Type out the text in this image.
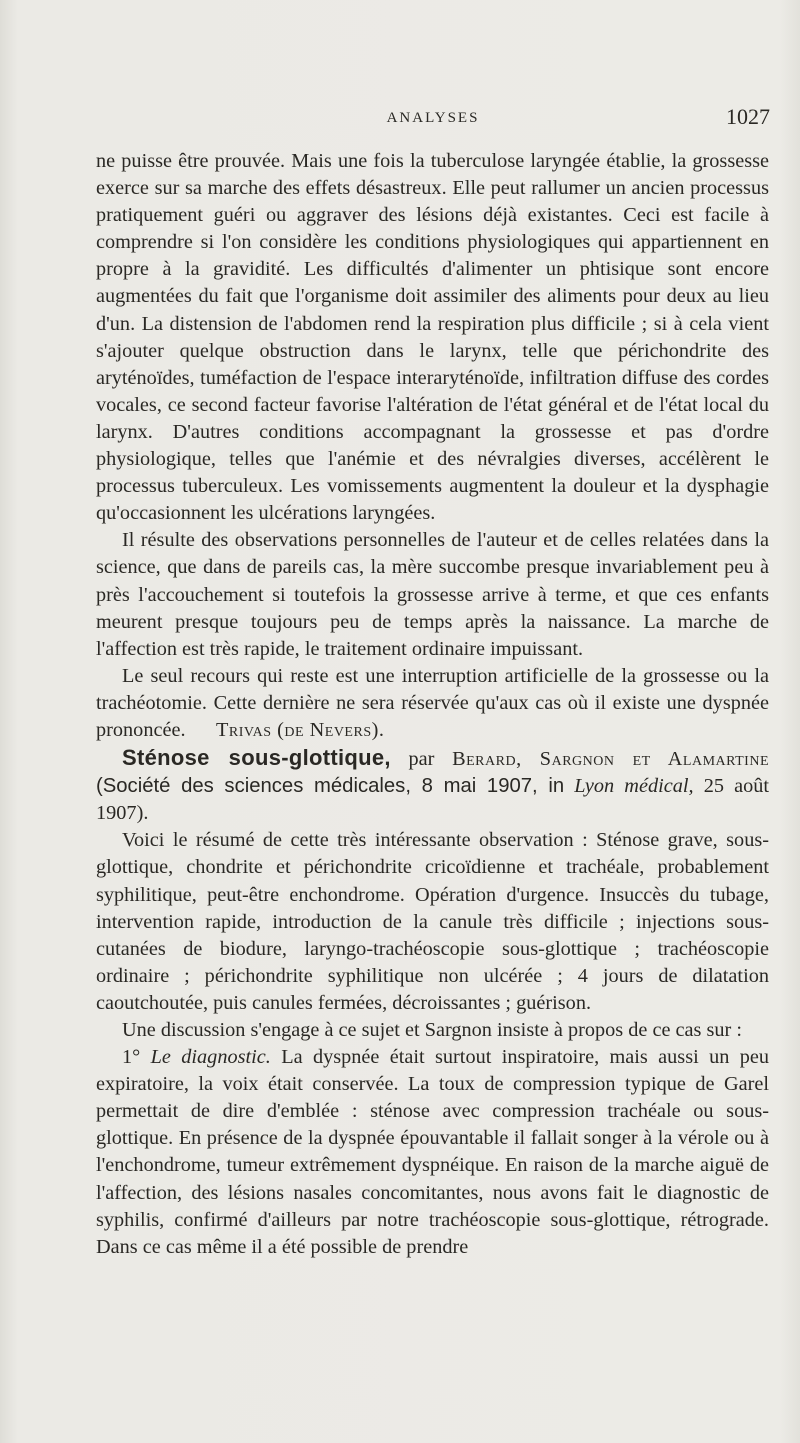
ANALYSES	1027

ne puisse être prouvée. Mais une fois la tuberculose laryngée établie, la grossesse exerce sur sa marche des effets désastreux. Elle peut rallumer un ancien processus pratiquement guéri ou aggraver des lésions déjà existantes. Ceci est facile à comprendre si l'on considère les conditions physiologiques qui appartiennent en propre à la gravidité. Les difficultés d'alimenter un phtisique sont encore augmentées du fait que l'organisme doit assimiler des aliments pour deux au lieu d'un. La distension de l'abdomen rend la respiration plus difficile ; si à cela vient s'ajouter quelque obstruction dans le larynx, telle que périchondrite des aryténoïdes, tuméfaction de l'espace interaryténoïde, infiltration diffuse des cordes vocales, ce second facteur favorise l'altération de l'état général et de l'état local du larynx. D'autres conditions accompagnant la grossesse et pas d'ordre physiologique, telles que l'anémie et des névralgies diverses, accélèrent le processus tuberculeux. Les vomissements augmentent la douleur et la dysphagie qu'occasionnent les ulcérations laryngées.

Il résulte des observations personnelles de l'auteur et de celles relatées dans la science, que dans de pareils cas, la mère succombe presque invariablement peu à près l'accouchement si toutefois la grossesse arrive à terme, et que ces enfants meurent presque toujours peu de temps après la naissance. La marche de l'affection est très rapide, le traitement ordinaire impuissant.

Le seul recours qui reste est une interruption artificielle de la grossesse ou la trachéotomie. Cette dernière ne sera réservée qu'aux cas où il existe une dyspnée prononcée. Trivas (de Nevers).

Sténose sous-glottique, par Berard, Sargnon et Alamartine (Société des sciences médicales, 8 mai 1907, in Lyon médical, 25 août 1907).

Voici le résumé de cette très intéressante observation : Sténose grave, sous-glottique, chondrite et périchondrite cricoïdienne et trachéale, probablement syphilitique, peut-être enchondrome. Opération d'urgence. Insuccès du tubage, intervention rapide, introduction de la canule très difficile ; injections sous-cutanées de biodure, laryngo-trachéoscopie sous-glottique ; trachéoscopie ordinaire ; périchondrite syphilitique non ulcérée ; 4 jours de dilatation caoutchoutée, puis canules fermées, décroissantes ; guérison.

Une discussion s'engage à ce sujet et Sargnon insiste à propos de ce cas sur :

1° Le diagnostic. La dyspnée était surtout inspiratoire, mais aussi un peu expiratoire, la voix était conservée. La toux de compression typique de Garel permettait de dire d'emblée : sténose avec compression trachéale ou sous-glottique. En présence de la dyspnée épouvantable il fallait songer à la vérole ou à l'enchondrome, tumeur extrêmement dyspnéique. En raison de la marche aiguë de l'affection, des lésions nasales concomitantes, nous avons fait le diagnostic de syphilis, confirmé d'ailleurs par notre trachéoscopie sous-glottique, rétrograde. Dans ce cas même il a été possible de prendre
